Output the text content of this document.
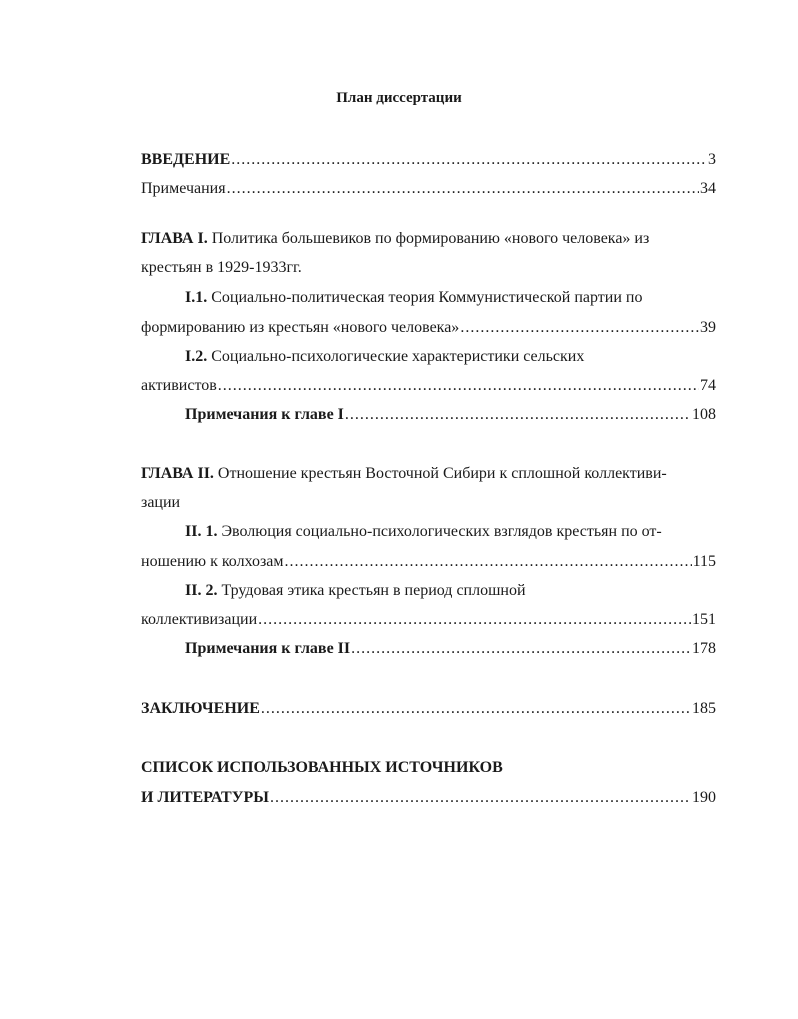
План диссертации
ВВЕДЕНИЕ .....	3
Примечания .....	34
ГЛАВА I. Политика большевиков по формированию «нового человека» из
крестьян в 1929-1933гг.
I.1. Социально-политическая теория Коммунистической партии по
формированию из крестьян «нового человека» .....	39
I.2. Социально-психологические характеристики сельских
активистов .....	74
Примечания к главе I .....	108
ГЛАВА II. Отношение крестьян Восточной Сибири к сплошной коллективи-
зации
II. 1. Эволюция социально-психологических взглядов крестьян по от-
ношению к колхозам .....	115
II. 2. Трудовая этика крестьян в период сплошной
коллективизации .....	151
Примечания к главе II .....	178
ЗАКЛЮЧЕНИЕ .....	185
СПИСОК ИСПОЛЬЗОВАННЫХ ИСТОЧНИКОВ
И ЛИТЕРАТУРЫ .....	190
